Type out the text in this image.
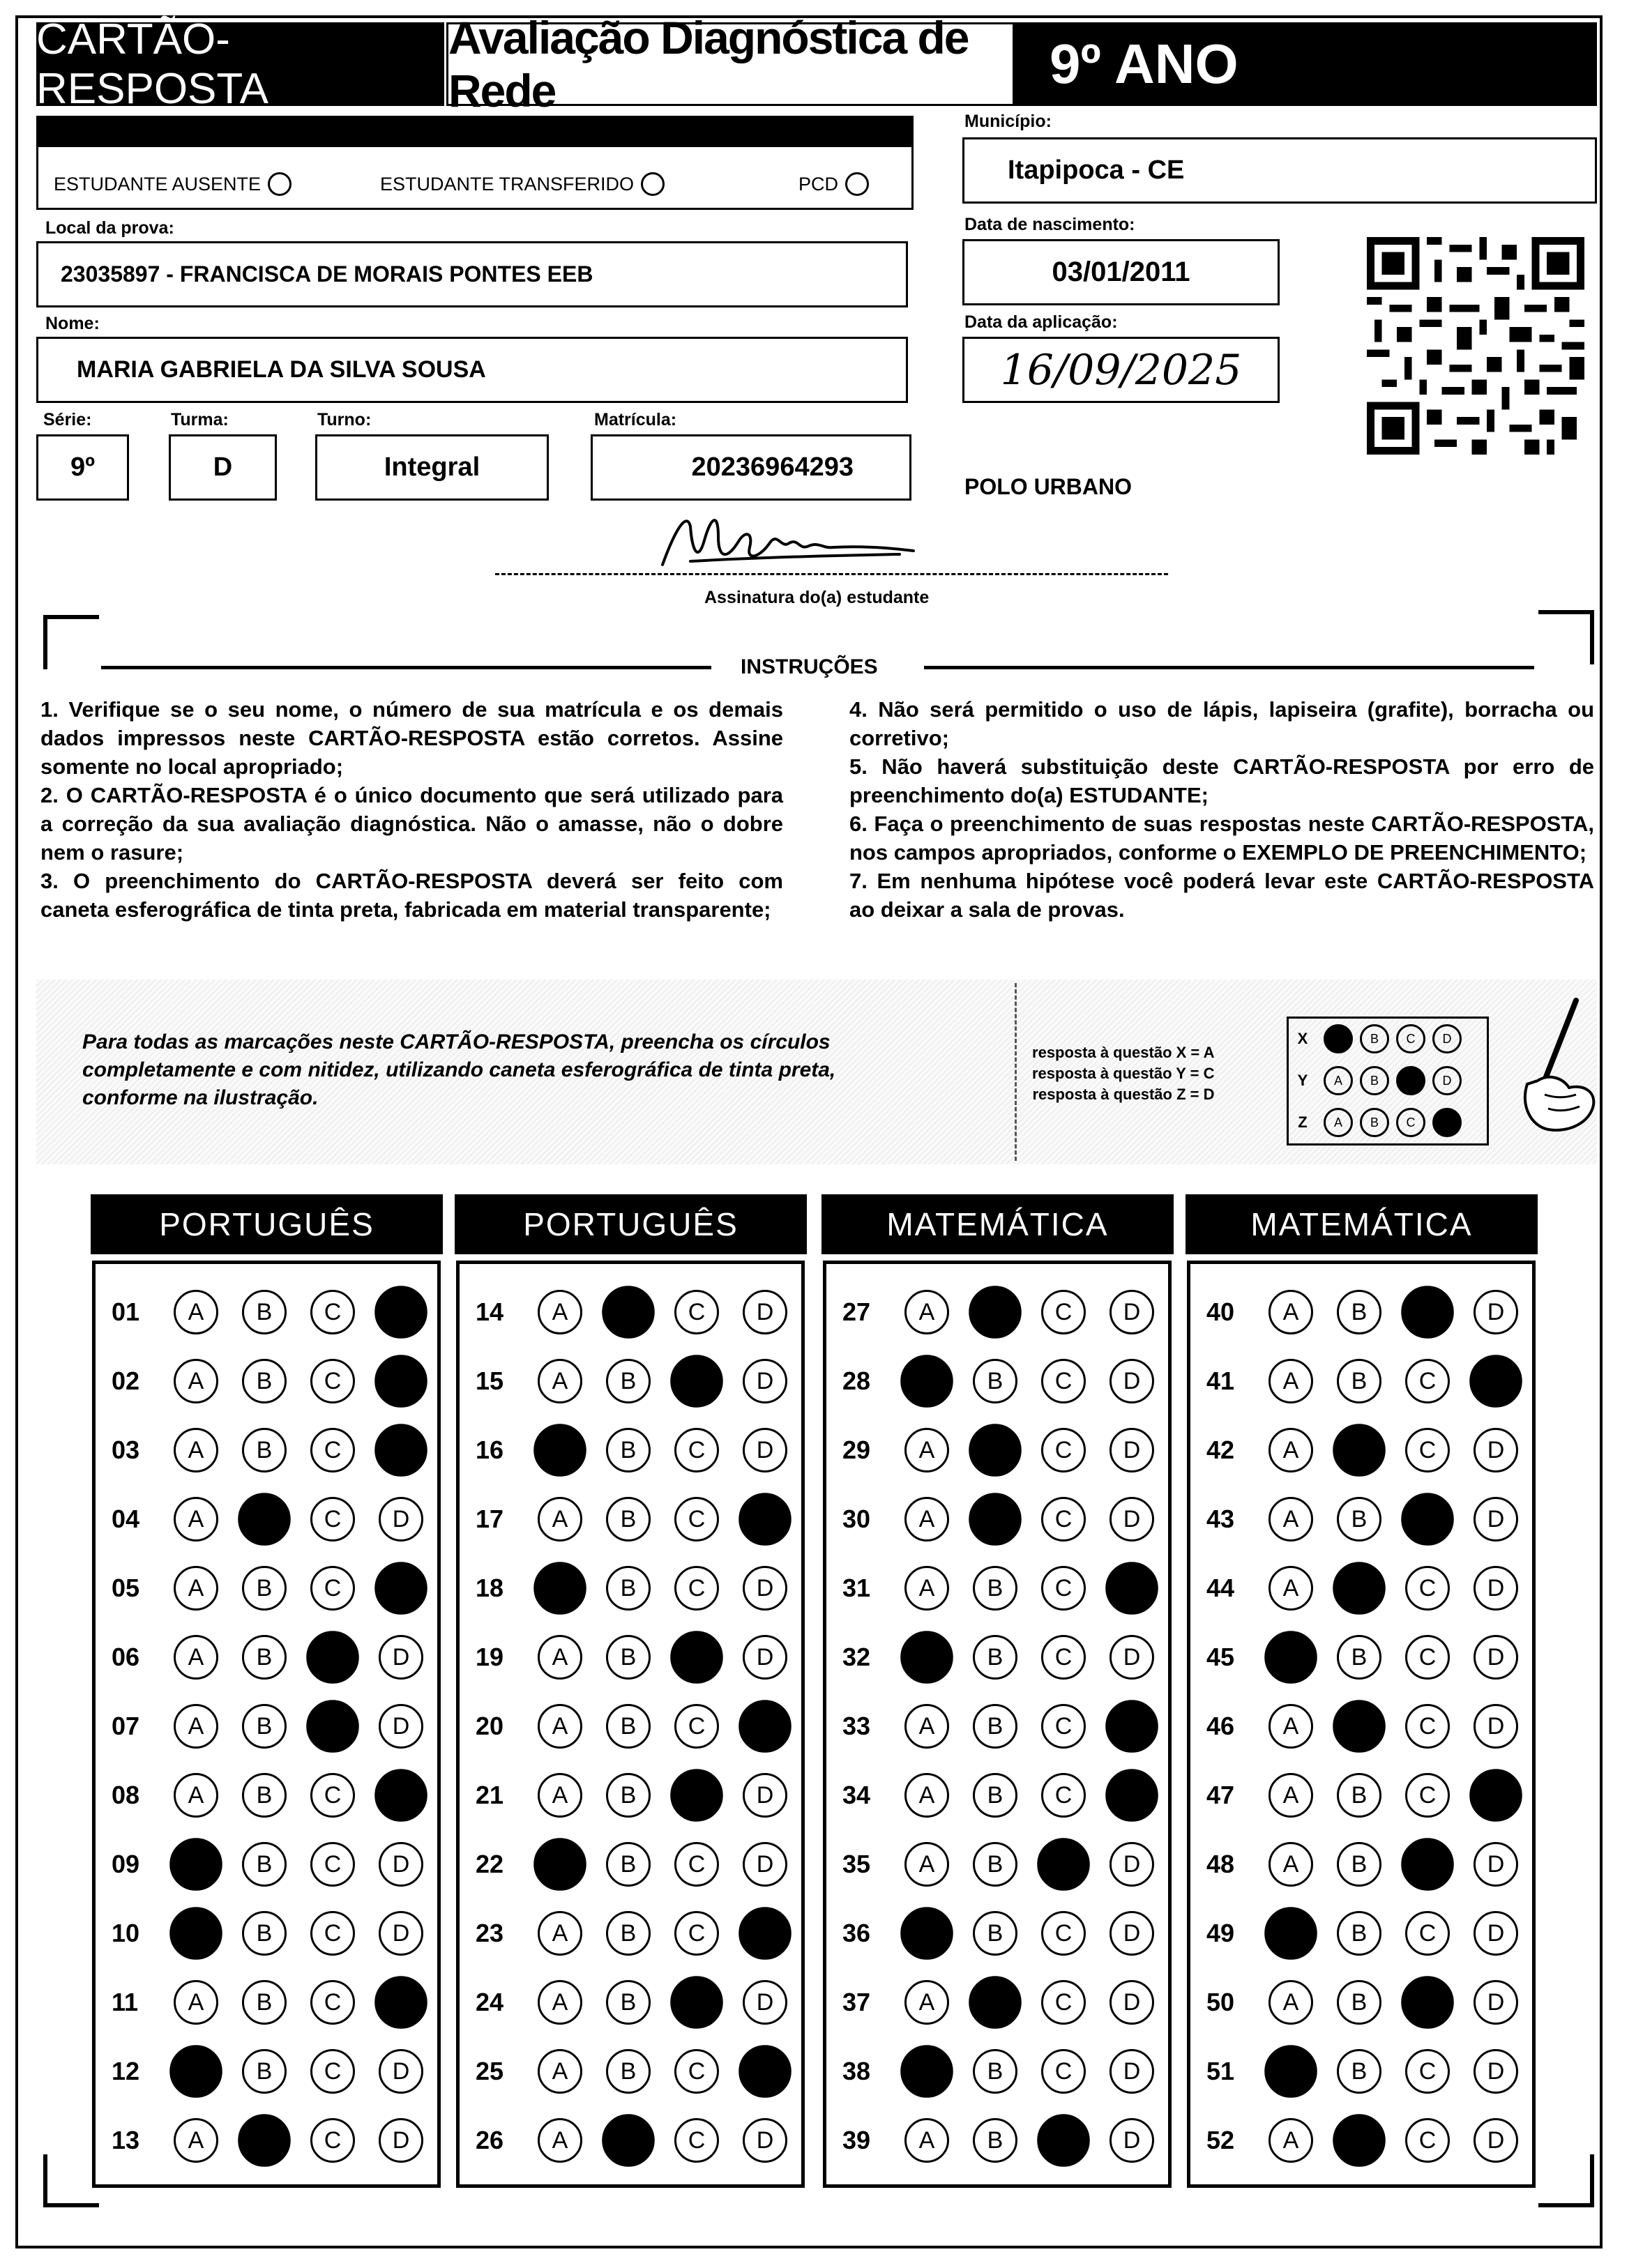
CARTÃO-RESPOSTA
Avaliação Diagnóstica de Rede	9º ANO
ESTUDANTE AUSENTE	ESTUDANTE TRANSFERIDO	PCD
Município:
Itapipoca - CE
Local da prova:
23035897 - FRANCISCA DE MORAIS PONTES EEB
Data de nascimento:
03/01/2011
Nome:
MARIA GABRIELA DA SILVA SOUSA
Data da aplicação:
16/09/2025
Série:
9º
Turma:
D
Turno:
Integral
Matrícula:
20236964293
POLO URBANO
Assinatura do(a) estudante
INSTRUÇÕES

1. Verifique se o seu nome, o número de sua matrícula e os demais dados impressos neste CARTÃO-RESPOSTA estão corretos. Assine somente no local apropriado;

2. O CARTÃO-RESPOSTA é o único documento que será utilizado para a correção da sua avaliação diagnóstica. Não o amasse, não o dobre nem o rasure;

3. O preenchimento do CARTÃO-RESPOSTA deverá ser feito com caneta esferográfica de tinta preta, fabricada em material transparente;

4. Não será permitido o uso de lápis, lapiseira (grafite), borracha ou corretivo;

5. Não haverá substituição deste CARTÃO-RESPOSTA por erro de preenchimento do(a) ESTUDANTE;

6. Faça o preenchimento de suas respostas neste CARTÃO-RESPOSTA, nos campos apropriados, conforme o EXEMPLO DE PREENCHIMENTO;

7. Em nenhuma hipótese você poderá levar este CARTÃO-RESPOSTA ao deixar a sala de provas.

Para todas as marcações neste CARTÃO-RESPOSTA, preencha os círculos completamente e com nitidez, utilizando caneta esferográfica de tinta preta, conforme na ilustração.
resposta à questão X = A
resposta à questão Y = C
resposta à questão Z = D
X	B	C	D
Y	A	B	D
Z	A	B	C
PORTUGUÊS
01	A	B	C
02	A	B	C
03	A	B	C
04	A	C	D
05	A	B	C
06	A	B	D
07	A	B	D
08	A	B	C
09	B	C	D
10	B	C	D
11	A	B	C
12	B	C	D
13	A	C	D
PORTUGUÊS
14	A	C	D
15	A	B	D
16	B	C	D
17	A	B	C
18	B	C	D
19	A	B	D
20	A	B	C
21	A	B	D
22	B	C	D
23	A	B	C
24	A	B	D
25	A	B	C
26	A	C	D
MATEMÁTICA
27	A	C	D
28	B	C	D
29	A	C	D
30	A	C	D
31	A	B	C
32	B	C	D
33	A	B	C
34	A	B	C
35	A	B	D
36	B	C	D
37	A	C	D
38	B	C	D
39	A	B	D
MATEMÁTICA
40	A	B	D
41	A	B	C
42	A	C	D
43	A	B	D
44	A	C	D
45	B	C	D
46	A	C	D
47	A	B	C
48	A	B	D
49	B	C	D
50	A	B	D
51	B	C	D
52	A	C	D
